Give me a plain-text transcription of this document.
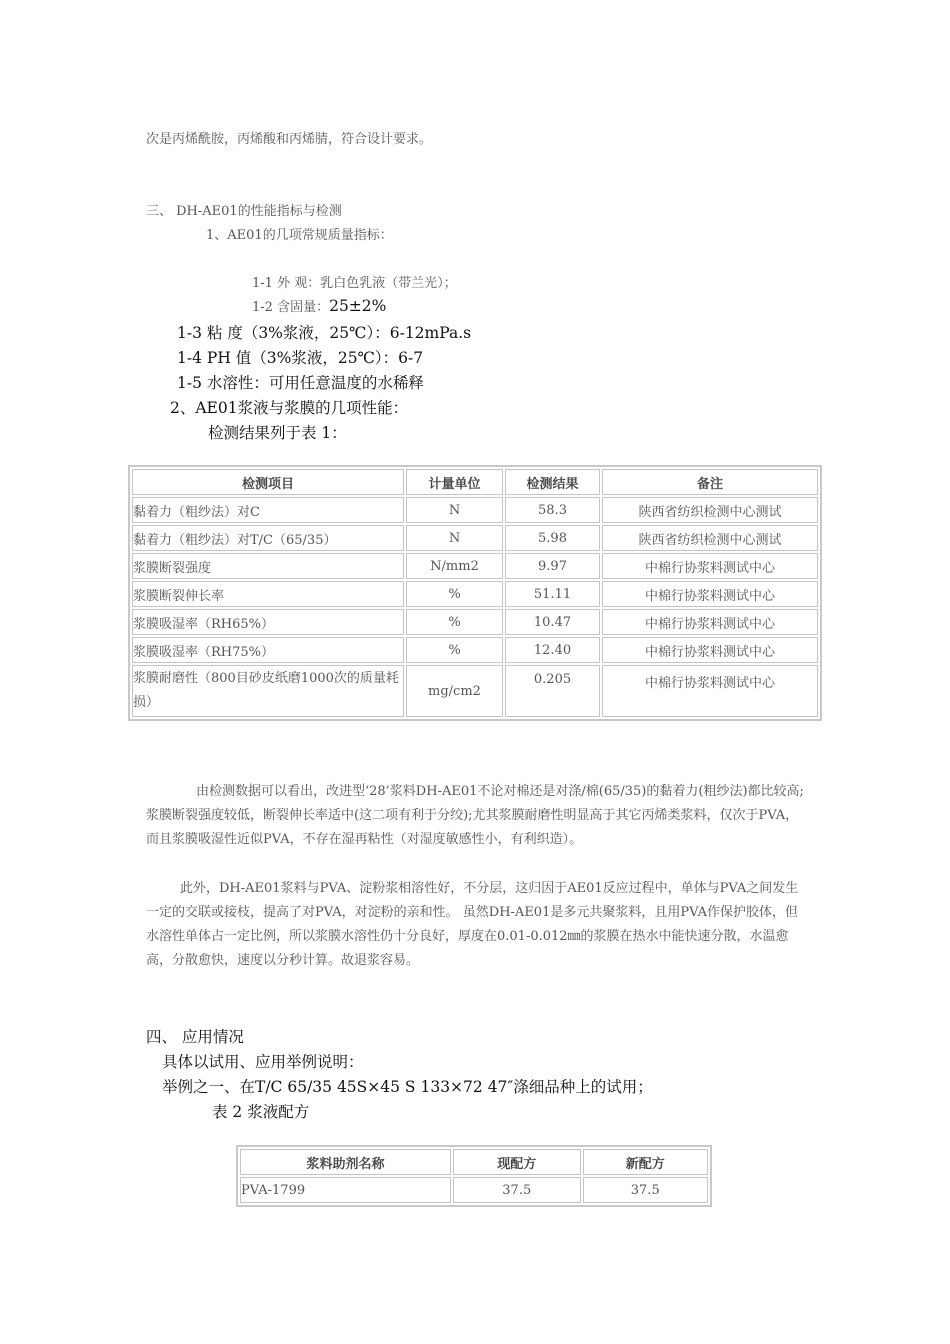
次是丙烯酰胺，丙烯酸和丙烯腈，符合设计要求。
三、 DH-AE01的性能指标与检测
1、AE01的几项常规质量指标：
1-1 外 观：乳白色乳液（带兰光）；
1-2 含固量：25±2%
1-3 粘 度（3%浆液，25℃）：6-12mPa.s
1-4 PH 值（3%浆液，25℃）：6-7
1-5 水溶性：可用任意温度的水稀释
2、AE01浆液与浆膜的几项性能：
检测结果列于表 1：
检测项目	计量单位	检测结果	备注
黏着力（粗纱法）对C	N	58.3	陕西省纺织检测中心测试
黏着力（粗纱法）对T/C（65/35）	N	5.98	陕西省纺织检测中心测试
浆膜断裂强度	N/mm2	9.97	中棉行协浆料测试中心
浆膜断裂伸长率	%	51.11	中棉行协浆料测试中心
浆膜吸湿率（RH65%）	%	10.47	中棉行协浆料测试中心
浆膜吸湿率（RH75%）	%	12.40	中棉行协浆料测试中心
浆膜耐磨性（800目砂皮纸磨1000次的质量耗损）	mg/cm2	0.205	中棉行协浆料测试中心
由检测数据可以看出，改进型‘28’浆料DH-AE01不论对棉还是对涤/棉(65/35)的黏着力(粗纱法)都比较高;浆膜断裂强度较低，断裂伸长率适中(这二项有利于分绞);尤其浆膜耐磨性明显高于其它丙烯类浆料，仅次于PVA， 而且浆膜吸湿性近似PVA，不存在湿再粘性（对湿度敏感性小，有利织造）。
此外，DH-AE01浆料与PVA、淀粉浆相溶性好，不分层，这归因于AE01反应过程中，单体与PVA之间发生一定的交联或接枝，提高了对PVA，对淀粉的亲和性。 虽然DH-AE01是多元共聚浆料，且用PVA作保护胶体，但水溶性单体占一定比例，所以浆膜水溶性仍十分良好，厚度在0.01-0.012㎜的浆膜在热水中能快速分散，水温愈高，分散愈快，速度以分秒计算。故退浆容易。
四、 应用情况
具体以试用、应用举例说明：
举例之一、在T/C 65/35 45S×45 S 133×72 47″涤细品种上的试用；
表 2 浆液配方
浆料助剂名称	现配方	新配方
PVA-1799	37.5	37.5
